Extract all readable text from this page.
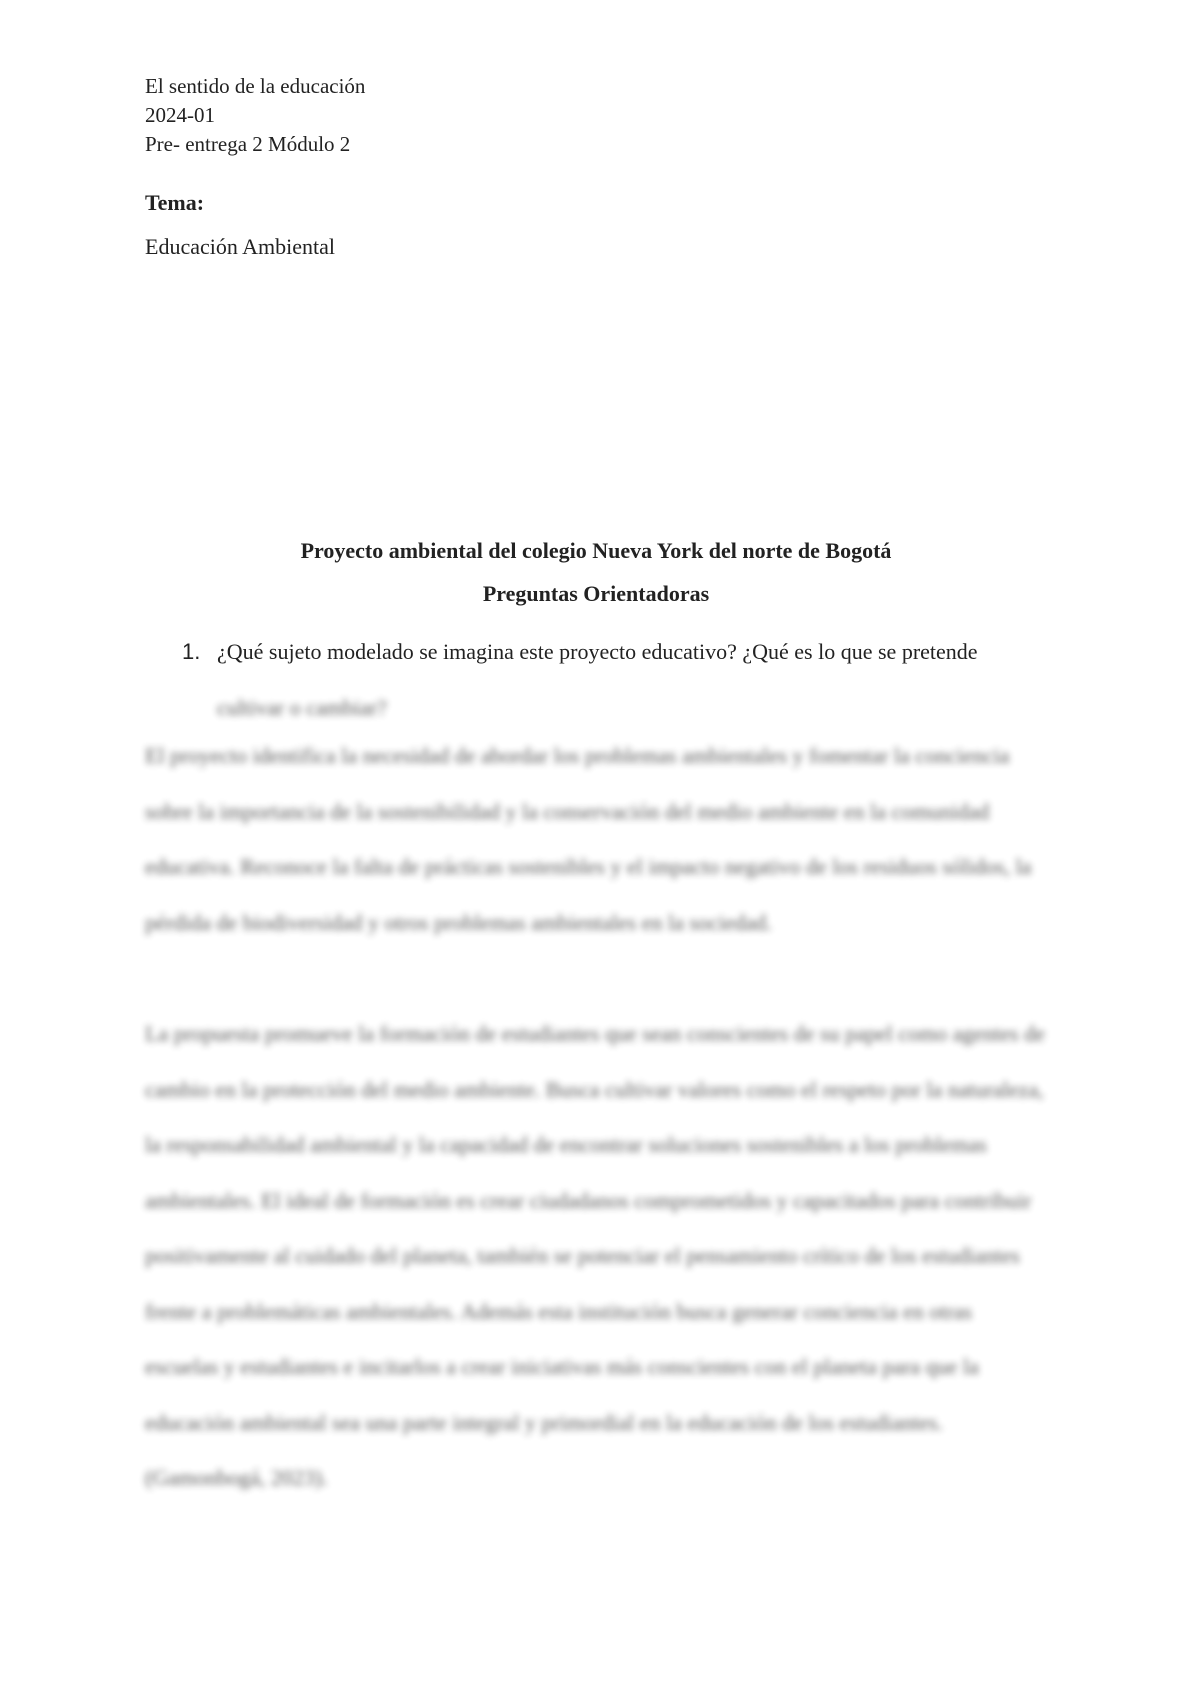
El sentido de la educación
2024-01
Pre- entrega 2 Módulo 2
Tema:
Educación Ambiental
Proyecto ambiental del colegio Nueva York del norte de Bogotá
Preguntas Orientadoras
1. ¿Qué sujeto modelado se imagina este proyecto educativo? ¿Qué es lo que se pretende
cultivar o cambiar?
El proyecto identifica la necesidad de abordar los problemas ambientales y fomentar la conciencia sobre la importancia de la sostenibilidad y la conservación del medio ambiente en la comunidad educativa. Reconoce la falta de prácticas sostenibles y el impacto negativo de los residuos sólidos, la pérdida de biodiversidad y otros problemas ambientales en la sociedad.
La propuesta promueve la formación de estudiantes que sean conscientes de su papel como agentes de cambio en la protección del medio ambiente. Busca cultivar valores como el respeto por la naturaleza, la responsabilidad ambiental y la capacidad de encontrar soluciones sostenibles a los problemas ambientales. El ideal de formación es crear ciudadanos comprometidos y capacitados para contribuir positivamente al cuidado del planeta, también se potenciar el pensamiento crítico de los estudiantes frente a problemáticas ambientales. Además esta institución busca generar conciencia en otras escuelas y estudiantes e incitarlos a crear iniciativas más conscientes con el planeta para que la educación ambiental sea una parte integral y primordial en la educación de los estudiantes. (Gamonbogá, 2023).
